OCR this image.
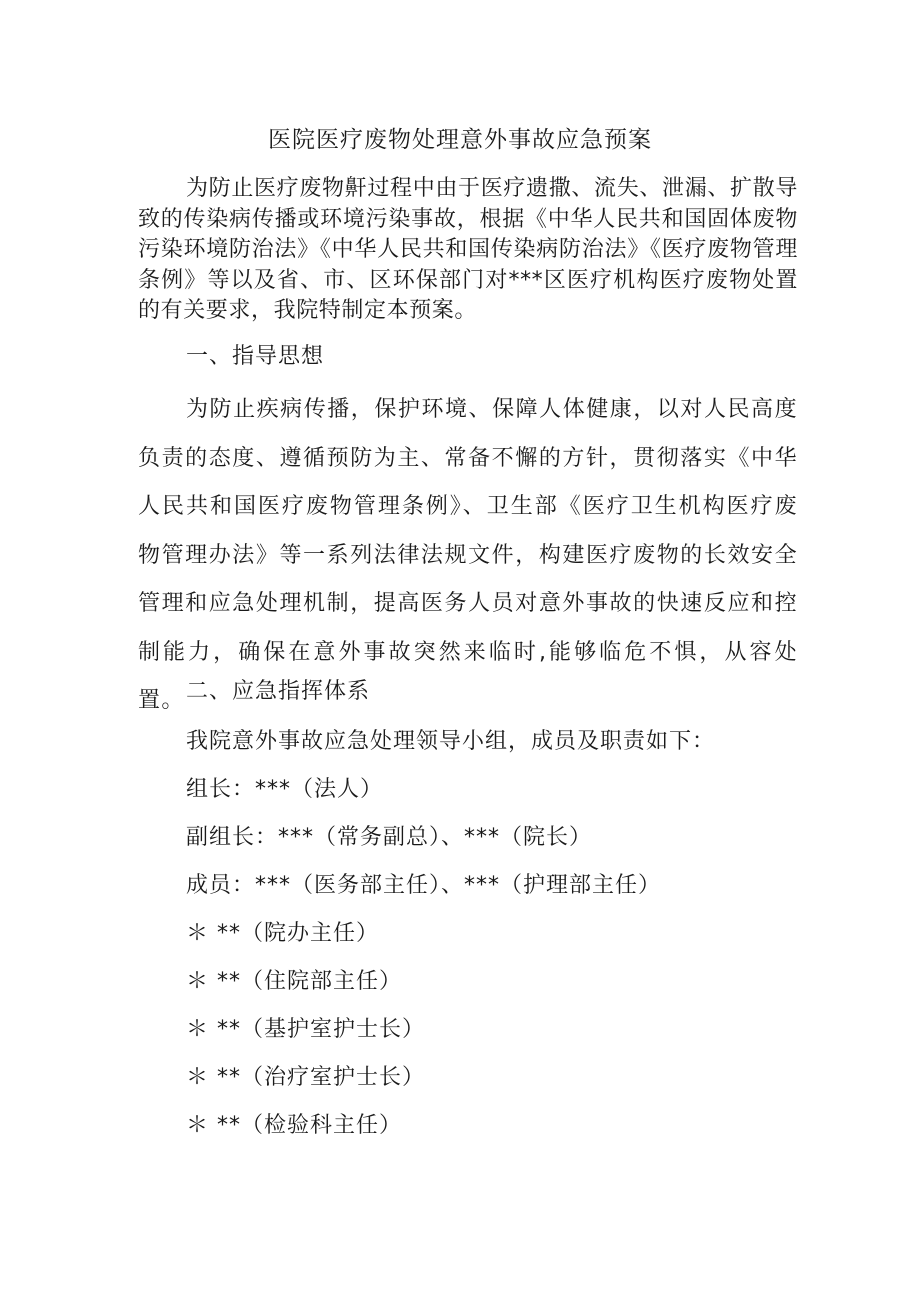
医院医疗废物处理意外事故应急预案

为防止医疗废物鼾过程中由于医疗遗撒、流失、泄漏、扩散导致的传染病传播或环境污染事故，根据《中华人民共和国固体废物污染环境防治法》《中华人民共和国传染病防治法》《医疗废物管理条例》等以及省、市、区环保部门对***区医疗机构医疗废物处置的有关要求，我院特制定本预案。

一、指导思想

为防止疾病传播，保护环境、保障人体健康，以对人民高度负责的态度、遵循预防为主、常备不懈的方针，贯彻落实《中华人民共和国医疗废物管理条例》、卫生部《医疗卫生机构医疗废物管理办法》等一系列法律法规文件，构建医疗废物的长效安全管理和应急处理机制，提高医务人员对意外事故的快速反应和控制能力，确保在意外事故突然来临时,能够临危不惧，从容处置。 二、应急指挥体系

我院意外事故应急处理领导小组，成员及职责如下：

组长：***（法人）

副组长：***（常务副总）、***（院长）

成员：***（医务部主任）、***（护理部主任）

＊ **（院办主任）

＊ **（住院部主任）

＊ **（基护室护士长）

＊ **（治疗室护士长）

＊ **（检验科主任）
